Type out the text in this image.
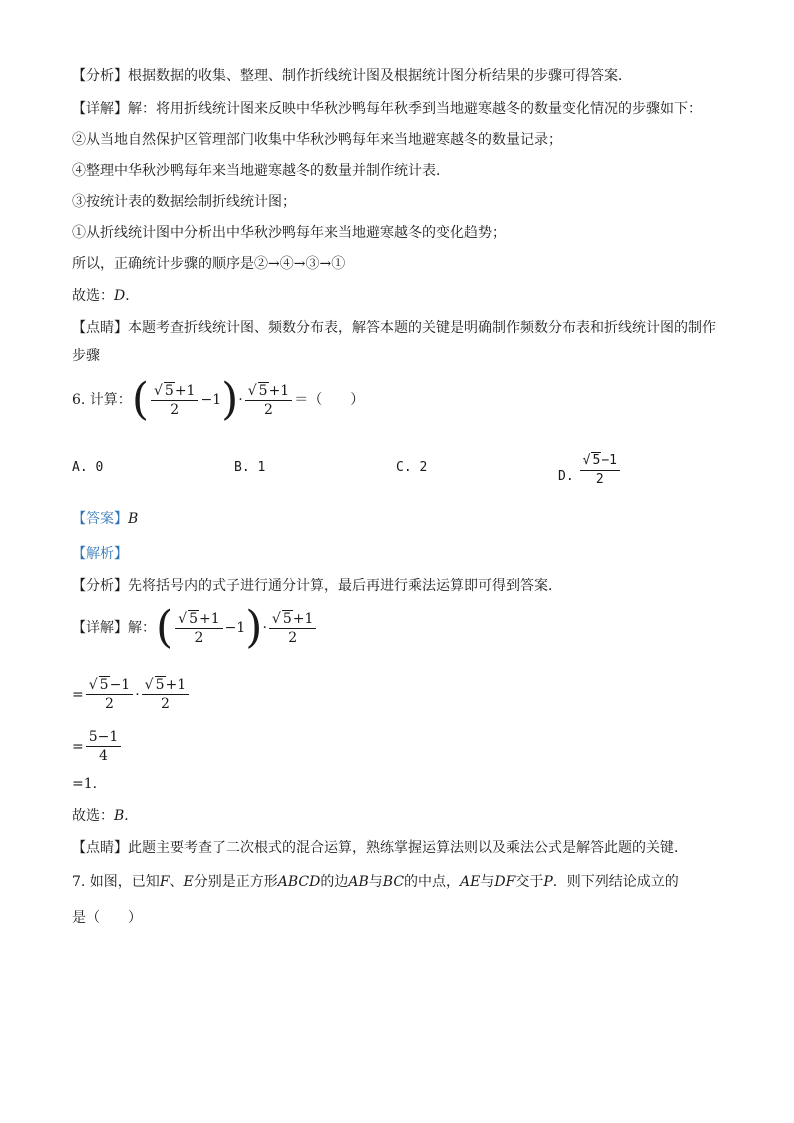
【分析】根据数据的收集、整理、制作折线统计图及根据统计图分析结果的步骤可得答案．
【详解】解：将用折线统计图来反映中华秋沙鸭每年秋季到当地避寒越冬的数量变化情况的步骤如下：
②从当地自然保护区管理部门收集中华秋沙鸭每年来当地避寒越冬的数量记录；
④整理中华秋沙鸭每年来当地避寒越冬的数量并制作统计表．
③按统计表的数据绘制折线统计图；
①从折线统计图中分析出中华秋沙鸭每年来当地避寒越冬的变化趋势；
所以，正确统计步骤的顺序是②→④→③→①
故选：D．
【点睛】本题考查折线统计图、频数分布表，解答本题的关键是明确制作频数分布表和折线统计图的制作
步骤
6. 计算： ( $\frac{√ 5+1}{2} -1$ ) · $\frac{√ 5+1}{2}$ ＝（　　）
A. 0	B. 1	C. 2
D. $\frac{√ 5-1}{2}$
【答案】B
【解析】
【分析】先将括号内的式子进行通分计算，最后再进行乘法运算即可得到答案．
【详解】解： ( $\frac{√ 5+1}{2} -1$ ) · $\frac{√ 5+1}{2}$
= $\frac{√ 5-1}{2} \cdot \frac{√ 5+1}{2}$
= $\frac{5-1}{4}$
=1．
故选：B．
【点睛】此题主要考查了二次根式的混合运算，熟练掌握运算法则以及乘法公式是解答此题的关键．
7. 如图，已知F、E分别是正方形ABCD的边AB与BC的中点，AE与DF交于P．则下列结论成立的
是（　　）
